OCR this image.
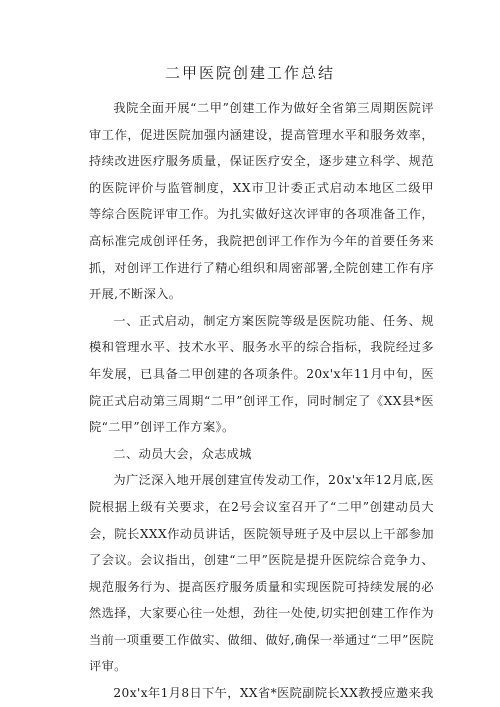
二甲医院创建工作总结

我院全面开展“二甲”创建工作为做好全省第三周期医院评审工作，促进医院加强内涵建设，提高管理水平和服务效率，持续改进医疗服务质量，保证医疗安全，逐步建立科学、规范的医院评价与监管制度，XX市卫计委正式启动本地区二级甲等综合医院评审工作。为扎实做好这次评审的各项准备工作，高标准完成创评任务，我院把创评工作作为今年的首要任务来抓，对创评工作进行了精心组织和周密部署,全院创建工作有序开展,不断深入。

一、正式启动，制定方案医院等级是医院功能、任务、规模和管理水平、技术水平、服务水平的综合指标，我院经过多年发展，已具备二甲创建的各项条件。20x'x年11月中旬，医院正式启动第三周期“二甲”创评工作，同时制定了《XX县*医院“二甲”创评工作方案》。

二、动员大会，众志成城

为广泛深入地开展创建宣传发动工作，20x'x年12月底,医院根据上级有关要求，在2号会议室召开了“二甲”创建动员大会，院长XXX作动员讲话，医院领导班子及中层以上干部参加了会议。会议指出，创建“二甲”医院是提升医院综合竞争力、规范服务行为、提高医疗服务质量和实现医院可持续发展的必然选择，大家要心往一处想，劲往一处使,切实把创建工作作为当前一项重要工作做实、做细、做好,确保一举通过“二甲”医院评审。

20x'x年1月8日下午，XX省*医院副院长XX教授应邀来我
